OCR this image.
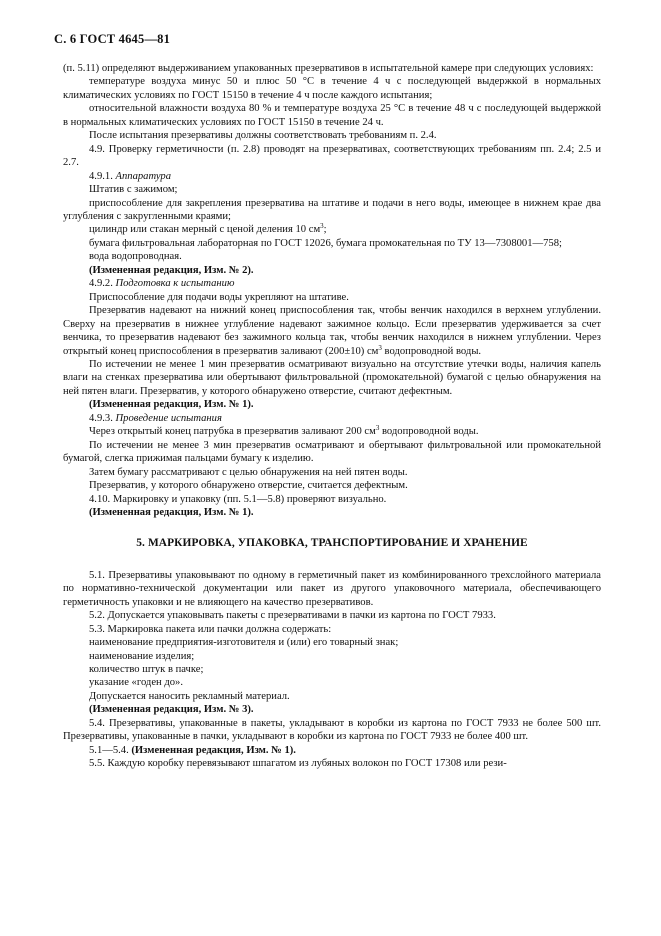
С. 6 ГОСТ 4645—81

(п. 5.11) определяют выдерживанием упакованных презервативов в испытательной камере при следующих условиях:

температуре воздуха минус 50 и плюс 50 °С в течение 4 ч с последующей выдержкой в нормальных климатических условиях по ГОСТ 15150 в течение 4 ч после каждого испытания;

относительной влажности воздуха 80 % и температуре воздуха 25 °С в течение 48 ч с последующей выдержкой в нормальных климатических условиях по ГОСТ 15150 в течение 24 ч.

После испытания презервативы должны соответствовать требованиям п. 2.4.

4.9. Проверку герметичности (п. 2.8) проводят на презервативах, соответствующих требованиям пп. 2.4; 2.5 и 2.7.

4.9.1. Аппаратура

Штатив с зажимом;

приспособление для закрепления презерватива на штативе и подачи в него воды, имеющее в нижнем крае два углубления с закругленными краями;

цилиндр или стакан мерный с ценой деления 10 $см^3$;

бумага фильтровальная лабораторная по ГОСТ 12026, бумага промокательная по ТУ 13—7308001—758;

вода водопроводная.

(Измененная редакция, Изм. № 2).

4.9.2. Подготовка к испытанию

Приспособление для подачи воды укрепляют на штативе.

Презерватив надевают на нижний конец приспособления так, чтобы венчик находился в верхнем углублении. Сверху на презерватив в нижнее углубление надевают зажимное кольцо. Если презерватив удерживается за счет венчика, то презерватив надевают без зажимного кольца так, чтобы венчик находился в нижнем углублении. Через открытый конец приспособления в презерватив заливают (200±10) $см^3$ водопроводной воды.

По истечении не менее 1 мин презерватив осматривают визуально на отсутствие утечки воды, наличия капель влаги на стенках презерватива или обертывают фильтровальной (промокательной) бумагой с целью обнаружения на ней пятен влаги. Презерватив, у которого обнаружено отверстие, считают дефектным.

(Измененная редакция, Изм. № 1).

4.9.3. Проведение испытания

Через открытый конец патрубка в презерватив заливают 200 $см^3$ водопроводной воды.

По истечении не менее 3 мин презерватив осматривают и обертывают фильтровальной или промокательной бумагой, слегка прижимая пальцами бумагу к изделию.

Затем бумагу рассматривают с целью обнаружения на ней пятен воды.

Презерватив, у которого обнаружено отверстие, считается дефектным.

4.10. Маркировку и упаковку (пп. 5.1—5.8) проверяют визуально.

(Измененная редакция, Изм. № 1).

5. МАРКИРОВКА, УПАКОВКА, ТРАНСПОРТИРОВАНИЕ И ХРАНЕНИЕ

5.1. Презервативы упаковывают по одному в герметичный пакет из комбинированного трехслойного материала по нормативно-технической документации или пакет из другого упаковочного материала, обеспечивающего герметичность упаковки и не влияющего на качество презервативов.

5.2. Допускается упаковывать пакеты с презервативами в пачки из картона по ГОСТ 7933.

5.3. Маркировка пакета или пачки должна содержать:

наименование предприятия-изготовителя и (или) его товарный знак;

наименование изделия;

количество штук в пачке;

указание «годен до».

Допускается наносить рекламный материал.

(Измененная редакция, Изм. № 3).

5.4. Презервативы, упакованные в пакеты, укладывают в коробки из картона по ГОСТ 7933 не более 500 шт. Презервативы, упакованные в пачки, укладывают в коробки из картона по ГОСТ 7933 не более 400 шт.

5.1—5.4. (Измененная редакция, Изм. № 1).

5.5. Каждую коробку перевязывают шпагатом из лубяных волокон по ГОСТ 17308 или рези-
